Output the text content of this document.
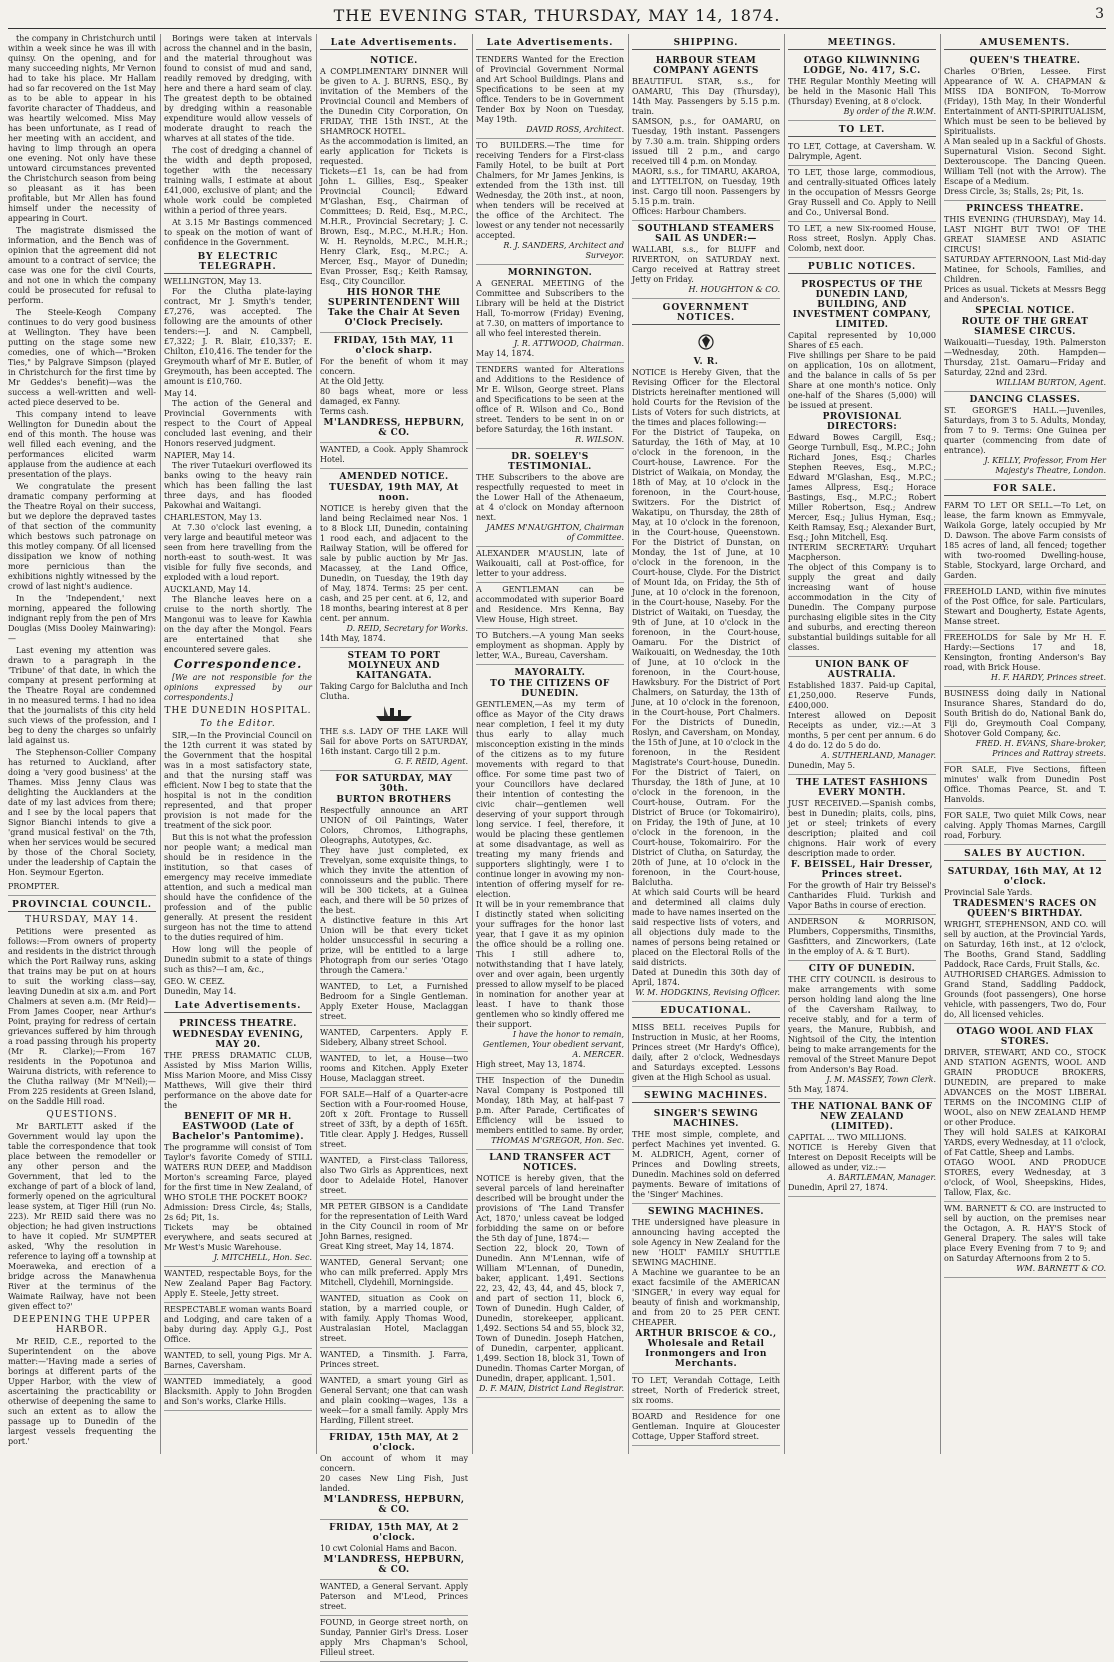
THE EVENING STAR, THURSDAY, MAY 14, 1874.	3

the company in Christchurch until within a week since he was ill with quinsy. On the opening, and for many succeeding nights, Mr Vernon had to take his place. Mr Hallam had so far recovered on the 1st May as to be able to appear in his favorite character of Thaddeus, and was heartily welcomed. Miss May has been unfortunate, as I read of her meeting with an accident, and having to limp through an opera one evening. Not only have these untoward circumstances prevented the Christchurch season from being so pleasant as it has been profitable, but Mr Allen has found himself under the necessity of appearing in Court.

The magistrate dismissed the information, and the Bench was of opinion that the agreement did not amount to a contract of service; the case was one for the civil Courts, and not one in which the company could be prosecuted for refusal to perform.

The Steele-Keogh Company continues to do very good business at Wellington. They have been putting on the stage some new comedies, one of which—"Broken Ties," by Palgrave Simpson (played in Christchurch for the first time by Mr Geddes's benefit)—was the success a well-written and well-acted piece deserved to be.

This company intend to leave Wellington for Dunedin about the end of this month. The house was well filled each evening, and the performances elicited warm applause from the audience at each presentation of the plays.

We congratulate the present dramatic company performing at the Theatre Royal on their success, but we deplore the depraved tastes of that section of the community which bestows such patronage on this motley company. Of all licensed dissipation we know of nothing more pernicious than the exhibitions nightly witnessed by the crowd of last night's audience.

In the 'Independent,' next morning, appeared the following indignant reply from the pen of Mrs Douglas (Miss Dooley Mainwaring):—

Last evening my attention was drawn to a paragraph in the 'Tribune' of that date, in which the company at present performing at the Theatre Royal are condemned in no measured terms. I had no idea that the journalists of this city held such views of the profession, and I beg to deny the charges so unfairly laid against us.

The Stephenson-Collier Company has returned to Auckland, after doing a 'very good business' at the Thames. Miss Jenny Claus was delighting the Aucklanders at the date of my last advices from there; and I see by the local papers that Signor Bianchi intends to give a 'grand musical festival' on the 7th, when her services would be secured by those of the Choral Society, under the leadership of Captain the Hon. Seymour Egerton.

PROMPTER.
PROVINCIAL COUNCIL.
THURSDAY, MAY 14.

Petitions were presented as follows:—From owners of property and residents in the district through which the Port Railway runs, asking that trains may be put on at hours to suit the working class—say, leaving Dunedin at six a.m. and Port Chalmers at seven a.m. (Mr Reid)—From James Cooper, near Arthur's Point, praying for redress of certain grievances suffered by him through a road passing through his property (Mr R. Clarke);—From 167 residents in the Popotunoa and Wairuna districts, with reference to the Clutha railway (Mr M'Neil);—From 225 residents at Green Island, on the Saddle Hill road.

QUESTIONS.

Mr BARTLETT asked if the Government would lay upon the table the correspondence that took place between the remodeller or any other person and the Government, that led to the exchange of part of a block of land, formerly opened on the agricultural lease system, at Tiger Hill (run No. 223). Mr REID said there was no objection; he had given instructions to have it copied. Mr SUMPTER asked, 'Why the resolution in reference to laying off a township at Moeraweka, and erection of a bridge across the Manawhenua River at the terminus of the Waimate Railway, have not been given effect to?'

DEEPENING THE UPPER HARBOR.

Mr REID, C.E., reported to the Superintendent on the above matter:—'Having made a series of borings at different parts of the Upper Harbor, with the view of ascertaining the practicability or otherwise of deepening the same to such an extent as to allow the passage up to Dunedin of the largest vessels frequenting the port.'

Borings were taken at intervals across the channel and in the basin, and the material throughout was found to consist of mud and sand, readily removed by dredging, with here and there a hard seam of clay. The greatest depth to be obtained by dredging within a reasonable expenditure would allow vessels of moderate draught to reach the wharves at all states of the tide.

The cost of dredging a channel of the width and depth proposed, together with the necessary training walls, I estimate at about £41,000, exclusive of plant; and the whole work could be completed within a period of three years.

At 3.15 Mr Bastings commenced to speak on the motion of want of confidence in the Government.

BY ELECTRIC TELEGRAPH.
WELLINGTON, May 13.

For the Clutha plate-laying contract, Mr J. Smyth's tender, £7,276, was accepted. The following are the amounts of other tenders:—J. and N. Campbell, £7,322; J. R. Blair, £10,337; E. Chilton, £10,416. The tender for the Greymouth wharf of Mr E. Butler, of Greymouth, has been accepted. The amount is £10,760.

May 14.

The action of the General and Provincial Governments with respect to the Court of Appeal concluded last evening, and their Honors reserved judgment.

NAPIER, May 14.

The river Tutaekuri overflowed its banks owing to the heavy rain which has been falling the last three days, and has flooded Pakowhai and Waitangi.

CHARLESTON, May 13.

At 7.30 o'clock last evening, a very large and beautiful meteor was seen from here travelling from the north-east to south-west. It was visible for fully five seconds, and exploded with a loud report.

AUCKLAND, May 14.

The Blanche leaves here on a cruise to the north shortly. The Mangonui was to leave for Kawhia on the day after the Mongol. Fears are entertained that she encountered severe gales.

Correspondence.

[We are not responsible for the opinions expressed by our correspondents.]

THE DUNEDIN HOSPITAL.
To the Editor.

SIR,—In the Provincial Council on the 12th current it was stated by the Government that the hospital was in a most satisfactory state, and that the nursing staff was efficient. Now I beg to state that the hospital is not in the condition represented, and that proper provision is not made for the treatment of the sick poor.

But this is not what the profession nor people want; a medical man should be in residence in the institution, so that cases of emergency may receive immediate attention, and such a medical man should have the confidence of the profession and of the public generally. At present the resident surgeon has not the time to attend to the duties required of him.

How long will the people of Dunedin submit to a state of things such as this?—I am, &c.,

GEO. W. CEEZ.
Dunedin, May 14.
Late Advertisements.
PRINCESS THEATRE.
WEDNESDAY EVENING, MAY 20.

THE PRESS DRAMATIC CLUB, Assisted by Miss Marion Willis, Miss Marion Moore, and Miss Cissy Matthews, Will give their third performance on the above date for the

BENEFIT OF MR H. EASTWOOD (Late of Bachelor's Pantomime).

The programme will consist of Tom Taylor's favorite Comedy of STILL WATERS RUN DEEP, and Maddison Morton's screaming Farce, played for the first time in New Zealand, of WHO STOLE THE POCKET BOOK?

Admission: Dress Circle, 4s; Stalls, 2s 6d; Pit, 1s.

Tickets may be obtained everywhere, and seats secured at Mr West's Music Warehouse.

J. MITCHELL, Hon. Sec.

WANTED, respectable Boys, for the New Zealand Paper Bag Factory. Apply E. Steele, Jetty street.

RESPECTABLE woman wants Board and Lodging, and care taken of a baby during day. Apply G.J., Post Office.

WANTED, to sell, young Pigs. Mr A. Barnes, Caversham.

WANTED immediately, a good Blacksmith. Apply to John Brogden and Son's works, Clarke Hills.

Late Advertisements.
NOTICE.

A COMPLIMENTARY DINNER Will be given to A. J. BURNS, ESQ., By invitation of the Members of the Provincial Council and Members of the Dunedin City Corporation, On FRIDAY, THE 15th INST., At the SHAMROCK HOTEL.

As the accommodation is limited, an early application for Tickets is requested.

Tickets—£1 1s, can be had from John L. Gillies, Esq., Speaker Provincial Council; Edward M'Glashan, Esq., Chairman of Committees; D. Reid, Esq., M.P.C., M.H.R., Provincial Secretary; J. C. Brown, Esq., M.P.C., M.H.R.; Hon. W. H. Reynolds, M.P.C., M.H.R.; Henry Clark, Esq., M.P.C.; A. Mercer, Esq., Mayor of Dunedin; Evan Prosser, Esq.; Keith Ramsay, Esq., City Councillor.

HIS HONOR THE SUPERINTENDENT Will Take the Chair At Seven O'Clock Precisely.
FRIDAY, 15th MAY, 11 o'clock sharp.

For the benefit of whom it may concern.

At the Old Jetty.

80 bags wheat, more or less damaged, ex Fanny.

Terms cash.

M'LANDRESS, HEPBURN, & CO.

WANTED, a Cook. Apply Shamrock Hotel.

AMENDED NOTICE.
TUESDAY, 19th MAY, At noon.

NOTICE is hereby given that the land being Reclaimed near Nos. 1 to 8 Block LII, Dunedin, containing 1 rood each, and adjacent to the Railway Station, will be offered for sale by public auction by Mr Jas. Macassey, at the Land Office, Dunedin, on Tuesday, the 19th day of May, 1874. Terms: 25 per cent. cash, and 25 per cent. at 6, 12, and 18 months, bearing interest at 8 per cent. per annum.

D. REID, Secretary for Works.

14th May, 1874.

STEAM TO PORT MOLYNEUX AND KAITANGATA.

Taking Cargo for Balclutha and Inch Clutha.

THE s.s. LADY OF THE LAKE Will Sail for above Ports on SATURDAY, 16th instant. Cargo till 2 p.m.

G. F. REID, Agent.

FOR SATURDAY, MAY 30th.
BURTON BROTHERS

Respectfully announce an ART UNION of Oil Paintings, Water Colors, Chromos, Lithographs, Oleographs, Autotypes, &c.

They have just completed, ex Trevelyan, some exquisite things, to which they invite the attention of connoisseurs and the public. There will be 300 tickets, at a Guinea each, and there will be 50 prizes of the best.

A distinctive feature in this Art Union will be that every ticket holder unsuccessful in securing a prize, will be entitled to a large Photograph from our series 'Otago through the Camera.'

WANTED, to Let, a Furnished Bedroom for a Single Gentleman. Apply Exeter House, Maclaggan street.

WANTED, Carpenters. Apply F. Sidebery, Albany street School.

WANTED, to let, a House—two rooms and Kitchen. Apply Exeter House, Maclaggan street.

FOR SALE—Half of a Quarter-acre Section with a Four-roomed House, 20ft x 20ft. Frontage to Russell street of 33ft, by a depth of 165ft. Title clear. Apply J. Hedges, Russell street.

WANTED, a First-class Tailoress, also Two Girls as Apprentices, next door to Adelaide Hotel, Hanover street.

MR PETER GIBSON is a Candidate for the representation of Leith Ward in the City Council in room of Mr John Barnes, resigned.

Great King street, May 14, 1874.

WANTED, General Servant; one who can milk preferred. Apply Mrs Mitchell, Clydehill, Morningside.

WANTED, situation as Cook on station, by a married couple, or with family. Apply Thomas Wood, Australasian Hotel, Maclaggan street.

WANTED, a Tinsmith. J. Farra, Princes street.

WANTED, a smart young Girl as General Servant; one that can wash and plain cooking—wages, 13s a week—for a small family. Apply Mrs Harding, Fillent street.

FRIDAY, 15th MAY, At 2 o'clock.

On account of whom it may concern.

20 cases New Ling Fish, Just landed.

M'LANDRESS, HEPBURN, & CO.
FRIDAY, 15th MAY, At 2 o'clock.

10 cwt Colonial Hams and Bacon.

M'LANDRESS, HEPBURN, & CO.

WANTED, a General Servant. Apply Paterson and M'Leod, Princes street.

FOUND, in George street north, on Sunday, Pannier Girl's Dress. Loser apply Mrs Chapman's School, Filleul street.

Late Advertisements.

TENDERS Wanted for the Erection of Provincial Government Normal and Art School Buildings. Plans and Specifications to be seen at my office. Tenders to be in Government Tender Box by Noon on Tuesday, May 19th.

DAVID ROSS, Architect.

TO BUILDERS.—The time for receiving Tenders for a First-class Family Hotel, to be built at Port Chalmers, for Mr James Jenkins, is extended from the 13th inst. till Wednesday, the 20th inst., at noon, when tenders will be received at the office of the Architect. The lowest or any tender not necessarily accepted.

R. J. SANDERS, Architect and Surveyor.

MORNINGTON.

A GENERAL MEETING of the Committee and Subscribers to the Library will be held at the District Hall, To-morrow (Friday) Evening, at 7.30, on matters of importance to all who feel interested therein.

J. R. ATTWOOD, Chairman.

May 14, 1874.

TENDERS wanted for Alterations and Additions to the Residence of Mr E. Wilson, George street. Plans and Specifications to be seen at the office of R. Wilson and Co., Bond street. Tenders to be sent in on or before Saturday, the 16th instant.

R. WILSON.

DR. SOELEY'S TESTIMONIAL.

THE Subscribers to the above are respectfully requested to meet in the Lower Hall of the Athenaeum, at 4 o'clock on Monday afternoon next.

JAMES M'NAUGHTON, Chairman of Committee.

ALEXANDER M'AUSLIN, late of Waikouaiti, call at Post-office, for letter to your address.

A GENTLEMAN can be accommodated with superior Board and Residence. Mrs Kenna, Bay View House, High street.

TO Butchers.—A young Man seeks employment as shopman. Apply by letter, W.A., Bureau, Caversham.

MAYORALTY.
TO THE CITIZENS OF DUNEDIN.

GENTLEMEN,—As my term of office as Mayor of the City draws near completion, I feel it my duty thus early to allay much misconception existing in the minds of the citizens as to my future movements with regard to that office. For some time past two of your Councillors have declared their intention of contesting the civic chair—gentlemen well deserving of your support through long service. I feel, therefore, it would be placing these gentlemen at some disadvantage, as well as treating my many friends and supporters slightingly, were I to continue longer in avowing my non-intention of offering myself for re-election.

It will be in your remembrance that I distinctly stated when soliciting your suffrages for the honor last year, that I gave it as my opinion the office should be a rolling one. This I still adhere to, notwithstanding that I have lately, over and over again, been urgently pressed to allow myself to be placed in nomination for another year at least. I have to thank those gentlemen who so kindly offered me their support.

I have the honor to remain, Gentlemen, Your obedient servant, A. MERCER.

High street, May 13, 1874.

THE Inspection of the Dunedin Naval Company is Postponed till Monday, 18th May, at half-past 7 p.m. After Parade, Certificates of Efficiency will be issued to members entitled to same. By order,

THOMAS M'GREGOR, Hon. Sec.

LAND TRANSFER ACT NOTICES.

NOTICE is hereby given, that the several parcels of land hereinafter described will be brought under the provisions of 'The Land Transfer Act, 1870,' unless caveat be lodged forbidding the same on or before the 5th day of June, 1874:—

Section 22, block 20, Town of Dunedin. Ann M'Lennan, wife of William M'Lennan, of Dunedin, baker, applicant. 1,491. Sections 22, 23, 42, 43, 44, and 45, block 7, and part of section 11, block 6, Town of Dunedin. Hugh Calder, of Dunedin, storekeeper, applicant. 1,492. Sections 54 and 55, block 32, Town of Dunedin. Joseph Hatchen, of Dunedin, carpenter, applicant. 1,499. Section 18, block 31, Town of Dunedin. Thomas Carter Morgan, of Dunedin, draper, applicant. 1,501.

D. F. MAIN, District Land Registrar.

SHIPPING.
HARBOUR STEAM COMPANY AGENTS

BEAUTIFUL STAR, s.s., for OAMARU, This Day (Thursday), 14th May. Passengers by 5.15 p.m. train.

SAMSON, p.s., for OAMARU, on Tuesday, 19th instant. Passengers by 7.30 a.m. train. Shipping orders issued till 2 p.m., and cargo received till 4 p.m. on Monday.

MAORI, s.s., for TIMARU, AKAROA, and LYTTELTON, on Tuesday, 19th inst. Cargo till noon. Passengers by 5.15 p.m. train.

Offices: Harbour Chambers.

SOUTHLAND STEAMERS SAIL AS UNDER:—

WALLABI, s.s., for BLUFF and RIVERTON, on SATURDAY next. Cargo received at Rattray street Jetty on Friday.

H. HOUGHTON & CO.

GOVERNMENT NOTICES.
V. R.

NOTICE is Hereby Given, that the Revising Officer for the Electoral Districts hereinafter mentioned will hold Courts for the Revision of the Lists of Voters for such districts, at the times and places following:—

For the District of Taupeka, on Saturday, the 16th of May, at 10 o'clock in the forenoon, in the Court-house, Lawrence. For the District of Waikaia, on Monday, the 18th of May, at 10 o'clock in the forenoon, in the Court-house, Switzers. For the District of Wakatipu, on Thursday, the 28th of May, at 10 o'clock in the forenoon, in the Court-house, Queenstown. For the District of Dunstan, on Monday, the 1st of June, at 10 o'clock in the forenoon, in the Court-house, Clyde. For the District of Mount Ida, on Friday, the 5th of June, at 10 o'clock in the forenoon, in the Court-house, Naseby. For the District of Waitaki, on Tuesday, the 9th of June, at 10 o'clock in the forenoon, in the Court-house, Oamaru. For the District of Waikouaiti, on Wednesday, the 10th of June, at 10 o'clock in the forenoon, in the Court-house, Hawksbury. For the District of Port Chalmers, on Saturday, the 13th of June, at 10 o'clock in the forenoon, in the Court-house, Port Chalmers. For the Districts of Dunedin, Roslyn, and Caversham, on Monday, the 15th of June, at 10 o'clock in the forenoon, in the Resident Magistrate's Court-house, Dunedin. For the District of Taieri, on Thursday, the 18th of June, at 10 o'clock in the forenoon, in the Court-house, Outram. For the District of Bruce (or Tokomairiro), on Friday, the 19th of June, at 10 o'clock in the forenoon, in the Court-house, Tokomairiro. For the District of Clutha, on Saturday, the 20th of June, at 10 o'clock in the forenoon, in the Court-house, Balclutha.

At which said Courts will be heard and determined all claims duly made to have names inserted on the said respective lists of voters, and all objections duly made to the names of persons being retained or placed on the Electoral Rolls of the said districts.

Dated at Dunedin this 30th day of April, 1874.

W. M. HODGKINS, Revising Officer.

EDUCATIONAL.

MISS BELL receives Pupils for Instruction in Music, at her Rooms, Princes street (Mr Hardy's Office), daily, after 2 o'clock, Wednesdays and Saturdays excepted. Lessons given at the High School as usual.

SEWING MACHINES.
SINGER'S SEWING MACHINES.

THE most simple, complete, and perfect Machines yet invented. G. M. ALDRICH, Agent, corner of Princes and Dowling streets, Dunedin. Machines sold on deferred payments. Beware of imitations of the 'Singer' Machines.

SEWING MACHINES.

THE undersigned have pleasure in announcing having accepted the sole Agency in New Zealand for the new 'HOLT' FAMILY SHUTTLE SEWING MACHINE.

A Machine we guarantee to be an exact facsimile of the AMERICAN 'SINGER,' in every way equal for beauty of finish and workmanship, and from 20 to 25 PER CENT. CHEAPER.

ARTHUR BRISCOE & CO., Wholesale and Retail Ironmongers and Iron Merchants.

TO LET, Verandah Cottage, Leith street, North of Frederick street, six rooms.

BOARD and Residence for one Gentleman. Inquire at Gloucester Cottage, Upper Stafford street.

MEETINGS.
OTAGO KILWINNING LODGE, No. 417, S.C.

THE Regular Monthly Meeting will be held in the Masonic Hall This (Thursday) Evening, at 8 o'clock.

By order of the R.W.M.

TO LET.

TO LET, Cottage, at Caversham. W. Dalrymple, Agent.

TO LET, those large, commodious, and centrally-situated Offices lately in the occupation of Messrs George Gray Russell and Co. Apply to Neill and Co., Universal Bond.

TO LET, a new Six-roomed House, Ross street, Roslyn. Apply Chas. Colomb, next door.

PUBLIC NOTICES.
PROSPECTUS OF THE DUNEDIN LAND, BUILDING, AND INVESTMENT COMPANY, LIMITED.

Capital represented by 10,000 Shares of £5 each.

Five shillings per Share to be paid on application, 10s on allotment, and the balance in calls of 5s per Share at one month's notice. Only one-half of the Shares (5,000) will be issued at present.

PROVISIONAL DIRECTORS:

Edward Bowes Cargill, Esq.; George Turnbull, Esq., M.P.C.; John Richard Jones, Esq.; Charles Stephen Reeves, Esq., M.P.C.; Edward M'Glashan, Esq., M.P.C.; James Allpress, Esq.; Horace Bastings, Esq., M.P.C.; Robert Miller Robertson, Esq.; Andrew Mercer, Esq.; Julius Hyman, Esq.; Keith Ramsay, Esq.; Alexander Burt, Esq.; John Mitchell, Esq.

INTERIM SECRETARY: Urquhart Macpherson.

The object of this Company is to supply the great and daily increasing want of house accommodation in the City of Dunedin. The Company purpose purchasing eligible sites in the City and suburbs, and erecting thereon substantial buildings suitable for all classes.

UNION BANK OF AUSTRALIA.

Established 1837. Paid-up Capital, £1,250,000. Reserve Funds, £400,000.

Interest allowed on Deposit Receipts as under, viz.:—At 3 months, 5 per cent per annum. 6 do 4 do do. 12 do 5 do do.

A. SUTHERLAND, Manager.

Dunedin, May 5.

THE LATEST FASHIONS EVERY MONTH.

JUST RECEIVED.—Spanish combs, best in Dunedin; plaits, coils, pins, jet or steel; trinkets of every description; plaited and coil chignons. Hair work of every description made to order.

F. BEISSEL, Hair Dresser, Princes street.

For the growth of Hair try Beissel's Cantharides Fluid. Turkish and Vapor Baths in course of erection.

ANDERSON & MORRISON, Plumbers, Coppersmiths, Tinsmiths, Gasfitters, and Zincworkers, (Late in the employ of A. & T. Burt).

CITY OF DUNEDIN.

THE CITY COUNCIL is desirous to make arrangements with some person holding land along the line of the Caversham Railway, to receive stably, and for a term of years, the Manure, Rubbish, and Nightsoil of the City, the intention being to make arrangements for the removal of the Street Manure Depot from Anderson's Bay Road.

J. M. MASSEY, Town Clerk.

5th May, 1874.

THE NATIONAL BANK OF NEW ZEALAND (LIMITED).

CAPITAL ... TWO MILLIONS.

NOTICE is Hereby Given that Interest on Deposit Receipts will be allowed as under, viz.:—

A. BARTLEMAN, Manager.

Dunedin, April 27, 1874.

AMUSEMENTS.
QUEEN'S THEATRE.

Charles O'Brien, Lessee. First Appearance of W. A. CHAPMAN & MISS IDA BONIFON, To-Morrow (Friday), 15th May, In their Wonderful Entertainment of ANTI-SPIRITUALISM, Which must be seen to be believed by Spiritualists.

A Man sealed up in a Sackful of Ghosts. Supernatural Vision. Second Sight. Dexterouscope. The Dancing Queen. William Tell (not with the Arrow). The Escape of a Medium.

Dress Circle, 3s; Stalls, 2s; Pit, 1s.

PRINCESS THEATRE.

THIS EVENING (THURSDAY), May 14. LAST NIGHT BUT TWO! OF THE GREAT SIAMESE AND ASIATIC CIRCUS!

SATURDAY AFTERNOON, Last Mid-day Matinee, for Schools, Families, and Children.

Prices as usual. Tickets at Messrs Begg and Anderson's.

SPECIAL NOTICE.
ROUTE OF THE GREAT SIAMESE CIRCUS.

Waikouaiti—Tuesday, 19th. Palmerston—Wednesday, 20th. Hampden—Thursday, 21st. Oamaru—Friday and Saturday, 22nd and 23rd.

WILLIAM BURTON, Agent.

DANCING CLASSES.

ST. GEORGE'S HALL.—Juveniles, Saturdays, from 3 to 5. Adults, Monday, from 7 to 9. Terms: One Guinea per quarter (commencing from date of entrance).

J. KELLY, Professor, From Her Majesty's Theatre, London.

FOR SALE.

FARM TO LET OR SELL.—To Let, on lease, the farm known as Emmyvale, Waikola Gorge, lately occupied by Mr D. Dawson. The above Farm consists of 185 acres of land, all fenced; together with two-roomed Dwelling-house, Stable, Stockyard, large Orchard, and Garden.

FREEHOLD LAND, within five minutes of the Post Office, for sale. Particulars, Stewart and Dougherty, Estate Agents, Manse street.

FREEHOLDS for Sale by Mr H. F. Hardy:—Sections 17 and 18, Kensington, fronting Anderson's Bay road, with Brick House.

H. F. HARDY, Princes street.

BUSINESS doing daily in National Insurance Shares, Standard do do, South British do do, National Bank do, Fiji do, Greymouth Coal Company, Shotover Gold Company, &c.

FRED. H. EVANS, Share-broker, Princes and Rattray streets.

FOR SALE, Five Sections, fifteen minutes' walk from Dunedin Post Office. Thomas Pearce, St. and T. Hanvolds.

FOR SALE, Two quiet Milk Cows, near calving. Apply Thomas Marnes, Cargill road, Forbury.

SALES BY AUCTION.
SATURDAY, 16th MAY, At 12 o'clock.

Provincial Sale Yards.

TRADESMEN'S RACES ON QUEEN'S BIRTHDAY.

WRIGHT, STEPHENSON, AND CO. will sell by auction, at the Provincial Yards, on Saturday, 16th inst., at 12 o'clock, The Booths, Grand Stand, Saddling Paddock, Race Cards, Fruit Stalls, &c.

AUTHORISED CHARGES. Admission to Grand Stand, Saddling Paddock, Grounds (foot passengers), One horse vehicle, with passengers, Two do, Four do, All licensed vehicles.

OTAGO WOOL AND FLAX STORES.

DRIVER, STEWART, AND CO., STOCK AND STATION AGENTS, WOOL AND GRAIN PRODUCE BROKERS, DUNEDIN, are prepared to make ADVANCES on the MOST LIBERAL TERMS on the INCOMING CLIP of WOOL, also on NEW ZEALAND HEMP or other Produce.

They will hold SALES at KAIKORAI YARDS, every Wednesday, at 11 o'clock, of Fat Cattle, Sheep and Lambs.

OTAGO WOOL AND PRODUCE STORES, every Wednesday, at 3 o'clock, of Wool, Sheepskins, Hides, Tallow, Flax, &c.

WM. BARNETT & CO. are instructed to sell by auction, on the premises near the Octagon, A. R. HAY'S Stock of General Drapery. The sales will take place Every Evening from 7 to 9; and on Saturday Afternoons from 2 to 5.

WM. BARNETT & CO.
